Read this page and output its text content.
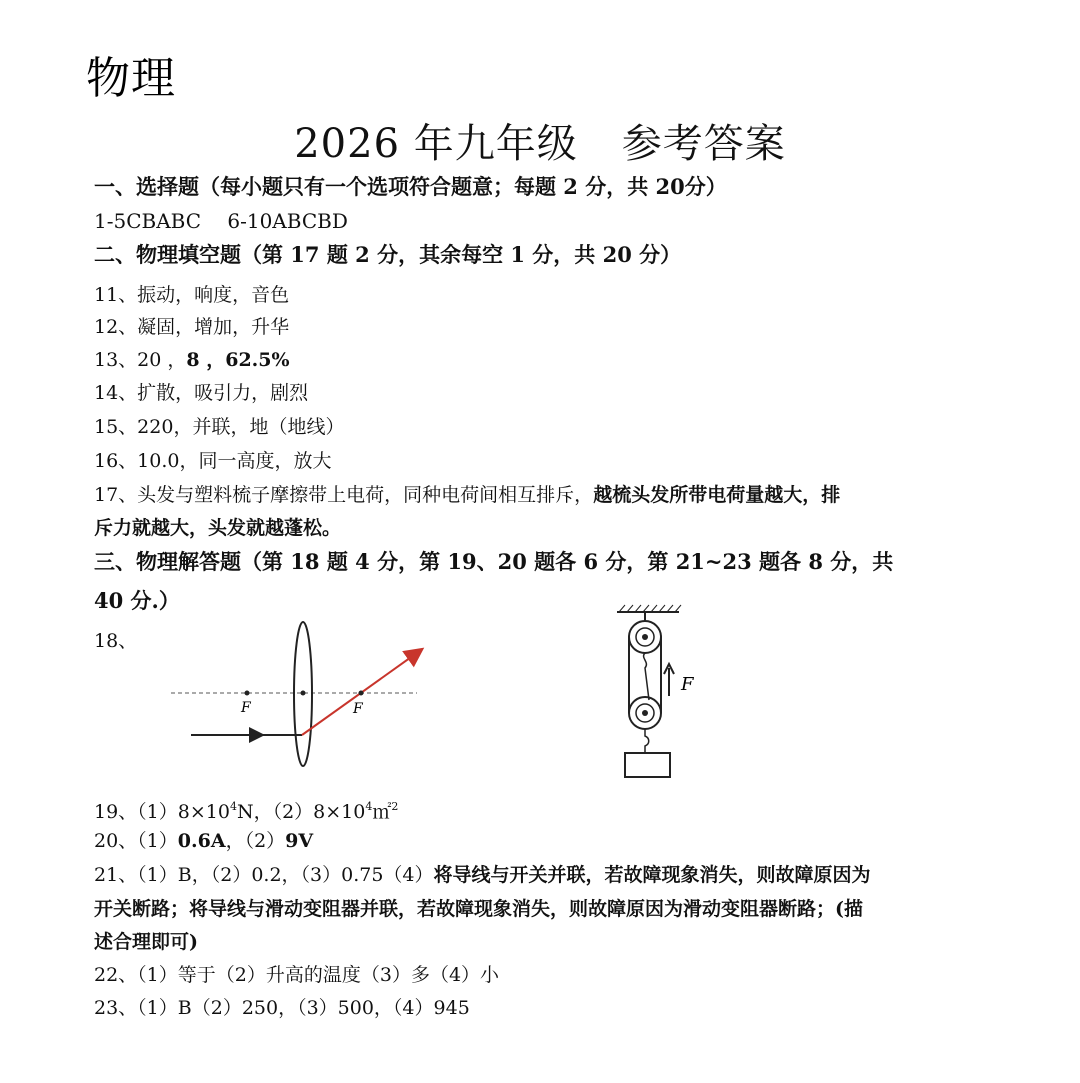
物理
2026 年九年级 参考答案
一、选择题（每小题只有一个选项符合题意；每题 2 分，共 20分）
1-5CBABC　 6-10ABCBD
二、物理填空题（第 17 题 2 分，其余每空 1 分，共 20 分）
11、振动，响度，音色
12、凝固，增加，升华
13、20 ，8 ，62.5%
14、扩散，吸引力，剧烈
15、220，并联，地（地线）
16、10.0，同一高度，放大
17、头发与塑料梳子摩擦带上电荷，同种电荷间相互排斥，越梳头发所带电荷量越大，排
斥力就越大，头发就越蓬松。
三、物理解答题（第 18 题 4 分，第 19、20 题各 6 分，第 21~23 题各 8 分，共
40 分.）
18、
F	F
F
19、$(1)8\times 10^4N$，$(2)8\times 10^4㎡^2$
20、（1）0.6A，（2）9V
21、（1）B，（2）0.2，（3）0.75（4）将导线与开关并联，若故障现象消失，则故障原因为
开关断路；将导线与滑动变阻器并联，若故障现象消失，则故障原因为滑动变阻器断路；(描
述合理即可)
22、（1）等于（2）升高的温度（3）多（4）小
23、（1）B（2）250，（3）500，（4）945
